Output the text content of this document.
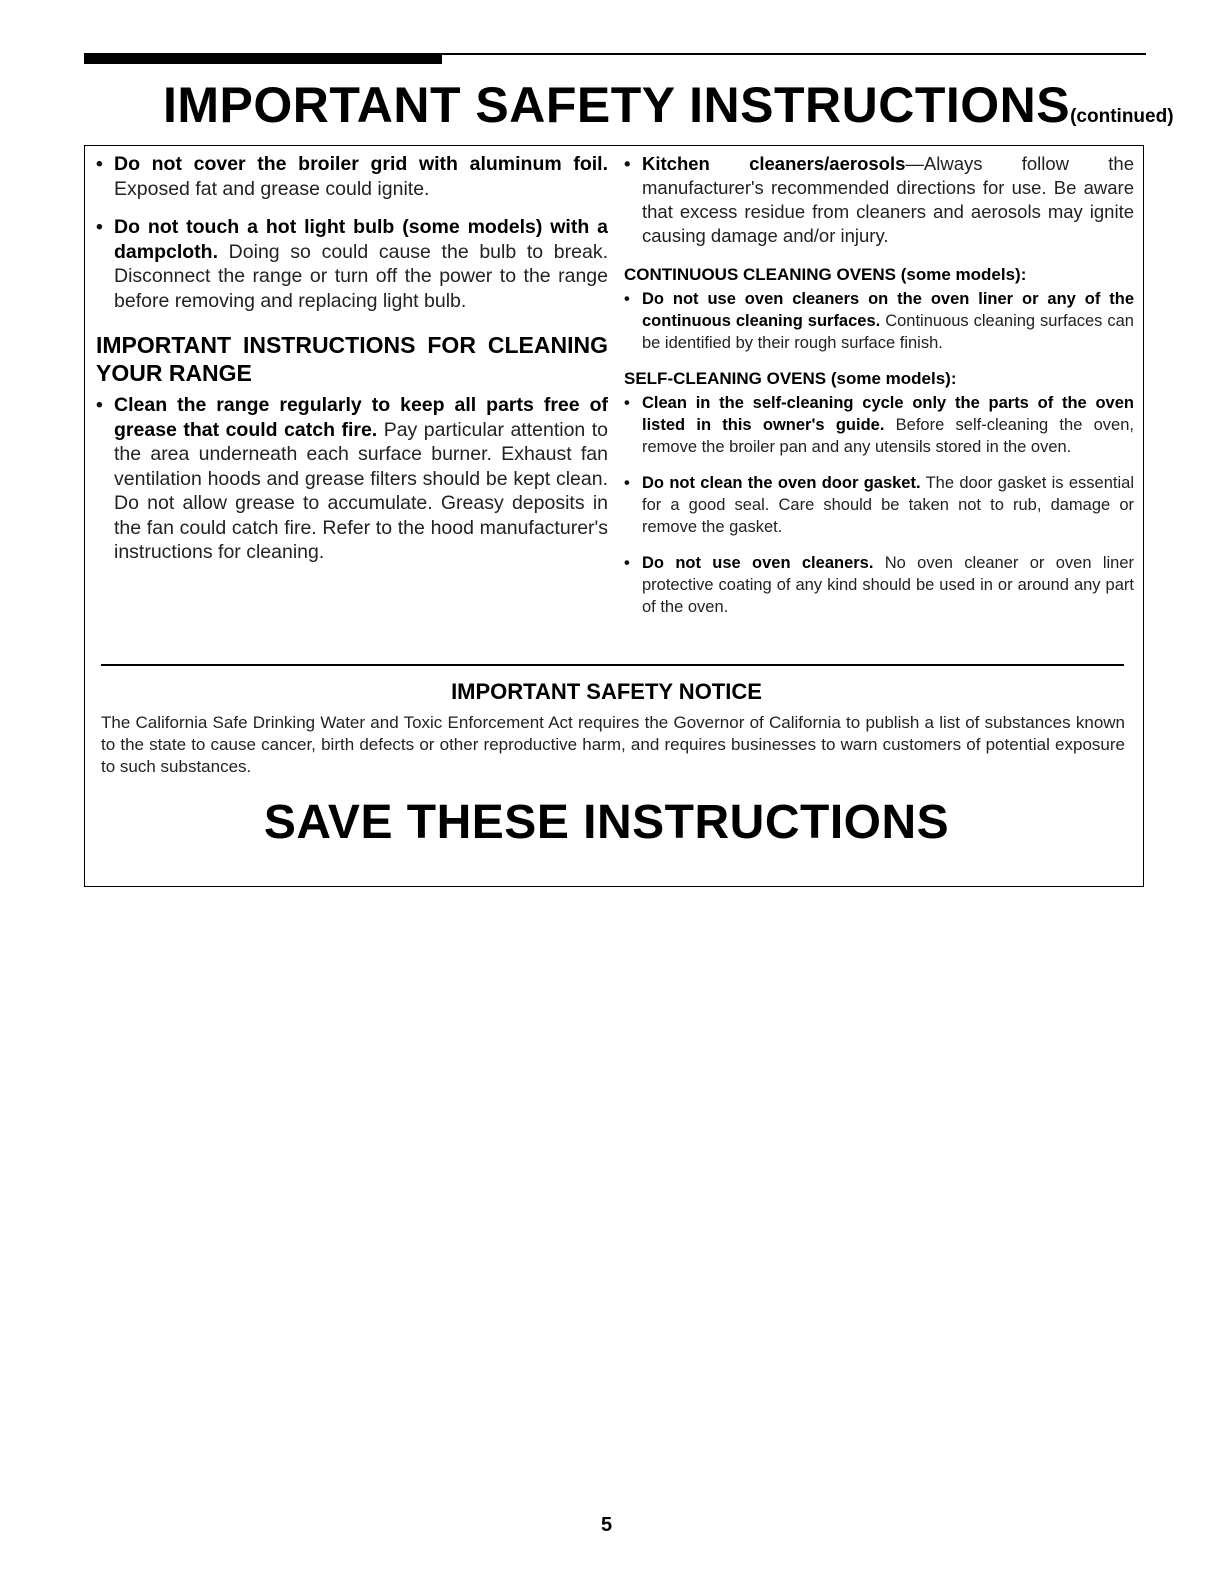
IMPORTANT SAFETY INSTRUCTIONS(continued)
• Do not cover the broiler grid with aluminum foil. Exposed fat and grease could ignite.
• Do not touch a hot light bulb (some models) with a dampcloth. Doing so could cause the bulb to break. Disconnect the range or turn off the power to the range before removing and replacing light bulb.
IMPORTANT INSTRUCTIONS FOR CLEANING YOUR RANGE
• Clean the range regularly to keep all parts free of grease that could catch fire. Pay particular attention to the area underneath each surface burner. Exhaust fan ventilation hoods and grease filters should be kept clean. Do not allow grease to accumulate. Greasy deposits in the fan could catch fire. Refer to the hood manufacturer's instructions for cleaning.
• Kitchen cleaners/aerosols—Always follow the manufacturer's recommended directions for use. Be aware that excess residue from cleaners and aerosols may ignite causing damage and/or injury.
CONTINUOUS CLEANING OVENS (some models):
• Do not use oven cleaners on the oven liner or any of the continuous cleaning surfaces. Continuous cleaning surfaces can be identified by their rough surface finish.
SELF-CLEANING OVENS (some models):
• Clean in the self-cleaning cycle only the parts of the oven listed in this owner's guide. Before self-cleaning the oven, remove the broiler pan and any utensils stored in the oven.
• Do not clean the oven door gasket. The door gasket is essential for a good seal. Care should be taken not to rub, damage or remove the gasket.
• Do not use oven cleaners. No oven cleaner or oven liner protective coating of any kind should be used in or around any part of the oven.
IMPORTANT SAFETY NOTICE
The California Safe Drinking Water and Toxic Enforcement Act requires the Governor of California to publish a list of substances known to the state to cause cancer, birth defects or other reproductive harm, and requires businesses to warn customers of potential exposure to such substances.
SAVE THESE INSTRUCTIONS
5
